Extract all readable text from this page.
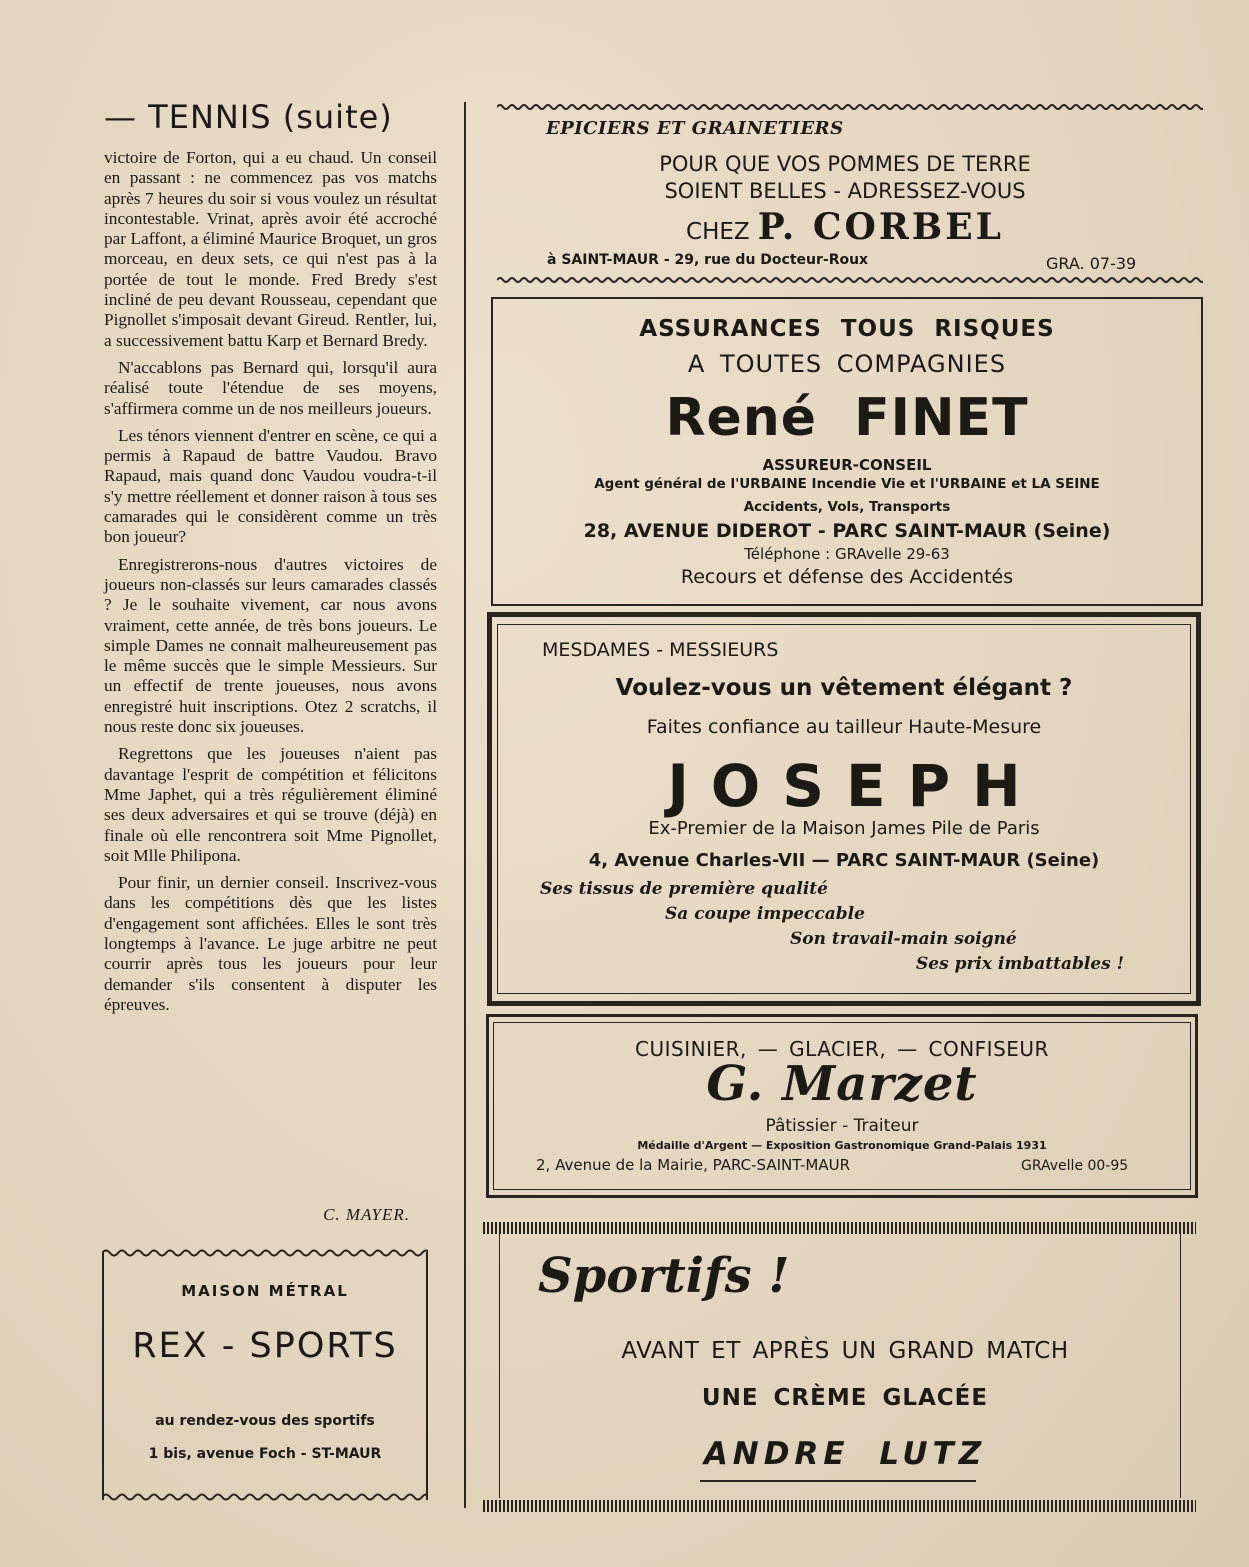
— TENNIS (suite)

victoire de Forton, qui a eu chaud. Un conseil en passant : ne commencez pas vos matchs après 7 heures du soir si vous voulez un résultat incontestable. Vrinat, après avoir été accroché par Laffont, a éliminé Maurice Broquet, un gros morceau, en deux sets, ce qui n'est pas à la portée de tout le monde. Fred Bredy s'est incliné de peu devant Rousseau, cependant que Pignollet s'imposait devant Gireud. Rentler, lui, a successivement battu Karp et Bernard Bredy.

N'accablons pas Bernard qui, lorsqu'il aura réalisé toute l'étendue de ses moyens, s'affirmera comme un de nos meilleurs joueurs.

Les ténors viennent d'entrer en scène, ce qui a permis à Rapaud de battre Vaudou. Bravo Rapaud, mais quand donc Vaudou voudra-t-il s'y mettre réellement et donner raison à tous ses camarades qui le considèrent comme un très bon joueur?

Enregistrerons-nous d'autres victoires de joueurs non-classés sur leurs camarades classés ? Je le souhaite vivement, car nous avons vraiment, cette année, de très bons joueurs. Le simple Dames ne connait malheureusement pas le même succès que le simple Messieurs. Sur un effectif de trente joueuses, nous avons enregistré huit inscriptions. Otez 2 scratchs, il nous reste donc six joueuses.

Regrettons que les joueuses n'aient pas davantage l'esprit de compétition et félicitons Mme Japhet, qui a très régulièrement éliminé ses deux adversaires et qui se trouve (déjà) en finale où elle rencontrera soit Mme Pignollet, soit Mlle Philipona.

Pour finir, un dernier conseil. Inscrivez-vous dans les compétitions dès que les listes d'engagement sont affichées. Elles le sont très longtemps à l'avance. Le juge arbitre ne peut courrir après tous les joueurs pour leur demander s'ils consentent à disputer les épreuves.

C. MAYER.
MAISON MÉTRAL
REX - SPORTS
au rendez-vous des sportifs
1 bis, avenue Foch - ST-MAUR
EPICIERS ET GRAINETIERS
POUR QUE VOS POMMES DE TERRE
SOIENT BELLES - ADRESSEZ-VOUS
CHEZ P. CORBEL
à SAINT-MAUR - 29, rue du Docteur-Roux	GRA. 07-39
ASSURANCES TOUS RISQUES
A TOUTES COMPAGNIES
René FINET
ASSUREUR-CONSEIL
Agent général de l'URBAINE Incendie Vie et l'URBAINE et LA SEINE
Accidents, Vols, Transports
28, AVENUE DIDEROT - PARC SAINT-MAUR (Seine)
Téléphone : GRAvelle 29-63
Recours et défense des Accidentés
MESDAMES - MESSIEURS
Voulez-vous un vêtement élégant ?
Faites confiance au tailleur Haute-Mesure
JOSEPH
Ex-Premier de la Maison James Pile de Paris
4, Avenue Charles-VII — PARC SAINT-MAUR (Seine)
Ses tissus de première qualité
Sa coupe impeccable
Son travail-main soigné
Ses prix imbattables !
CUISINIER, — GLACIER, — CONFISEUR
G. Marzet
Pâtissier - Traiteur
Médaille d'Argent — Exposition Gastronomique Grand-Palais 1931
2, Avenue de la Mairie, PARC-SAINT-MAUR	GRAvelle 00-95
Sportifs !
AVANT ET APRÈS UN GRAND MATCH
UNE CRÈME GLACÉE
ANDRE LUTZ
